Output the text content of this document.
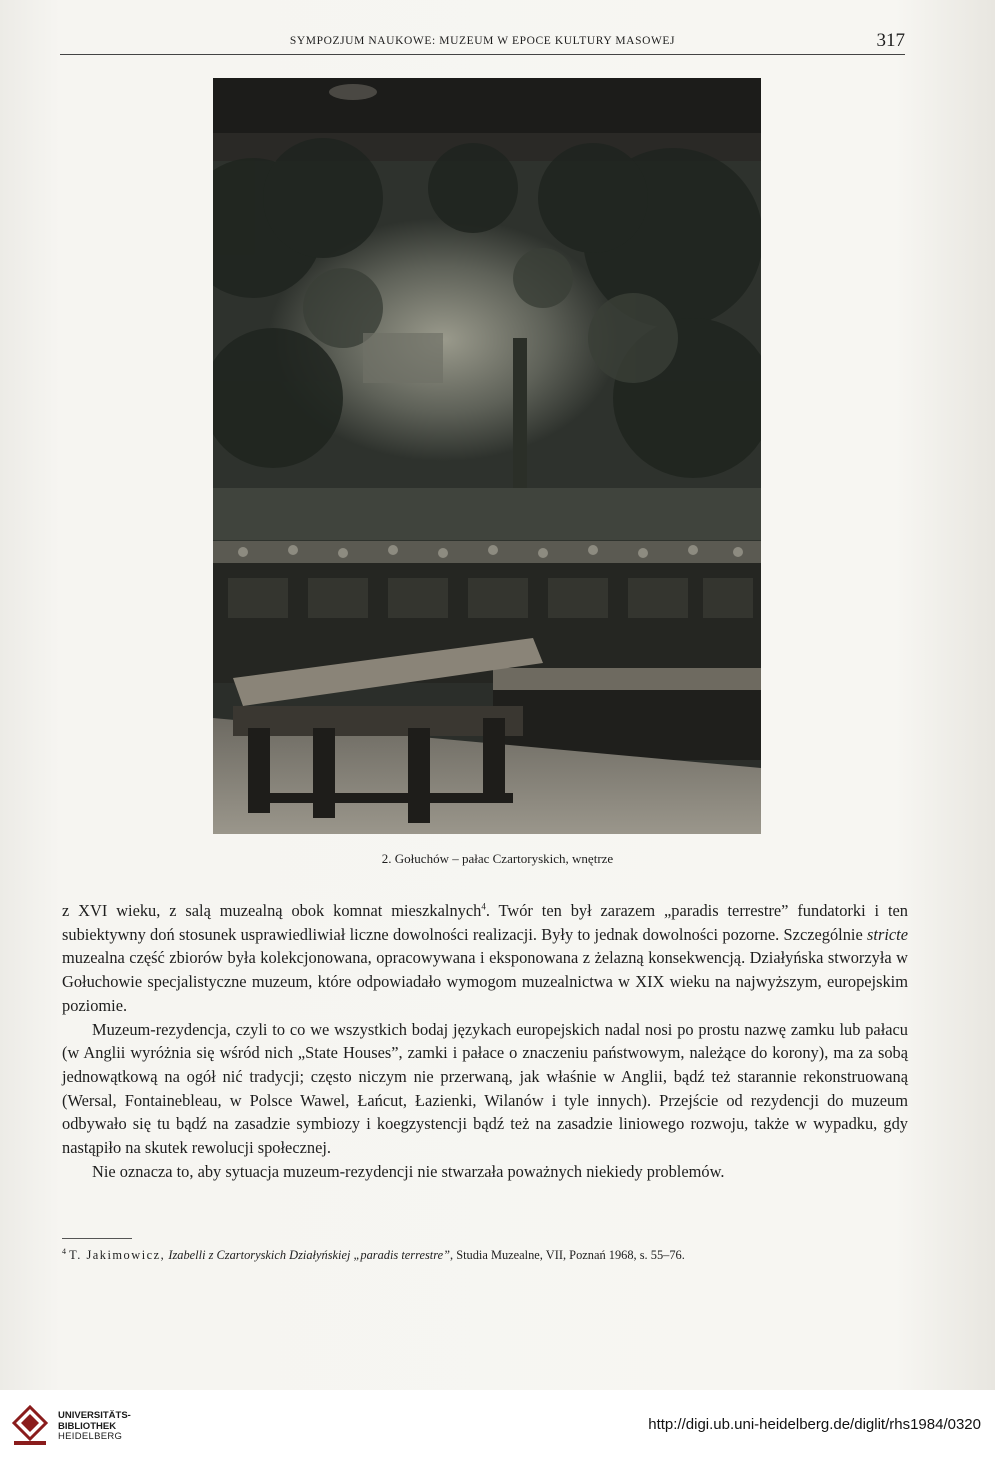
SYMPOZJUM NAUKOWE: MUZEUM W EPOCE KULTURY MASOWEJ	317
2. Gołuchów – pałac Czartoryskich, wnętrze

z XVI wieku, z salą muzealną obok komnat mieszkalnych$^4$. Twór ten był zarazem „paradis terrestre” fundatorki i ten subiektywny doń stosunek usprawiedliwiał liczne dowolności realizacji. Były to jednak dowolności pozorne. Szczególnie stricte muzealna część zbiorów była kolekcjonowana, opracowywana i eksponowana z żelazną konsekwencją. Działyńska stworzyła w Gołuchowie specjalistyczne muzeum, które odpowiadało wymogom muzealnictwa w XIX wieku na najwyższym, europejskim poziomie.

Muzeum-rezydencja, czyli to co we wszystkich bodaj językach europejskich nadal nosi po prostu nazwę zamku lub pałacu (w Anglii wyróżnia się wśród nich „State Houses”, zamki i pałace o znaczeniu państwowym, należące do korony), ma za sobą jednowątkową na ogół nić tradycji; często niczym nie przerwaną, jak właśnie w Anglii, bądź też starannie rekonstruowaną (Wersal, Fontainebleau, w Polsce Wawel, Łańcut, Łazienki, Wilanów i tyle innych). Przejście od rezydencji do muzeum odbywało się tu bądź na zasadzie symbiozy i koegzystencji bądź też na zasadzie liniowego rozwoju, także w wypadku, gdy nastąpiło na skutek rewolucji społecznej.

Nie oznacza to, aby sytuacja muzeum-rezydencji nie stwarzała poważnych niekiedy problemów.

$^4$ T. Jakimowicz, Izabelli z Czartoryskich Działyńskiej „paradis terrestre”, Studia Muzealne, VII, Poznań 1968, s. 55–76.
UNIVERSITÄTS-
BIBLIOTHEK
HEIDELBERG
http://digi.ub.uni-heidelberg.de/diglit/rhs1984/0320
